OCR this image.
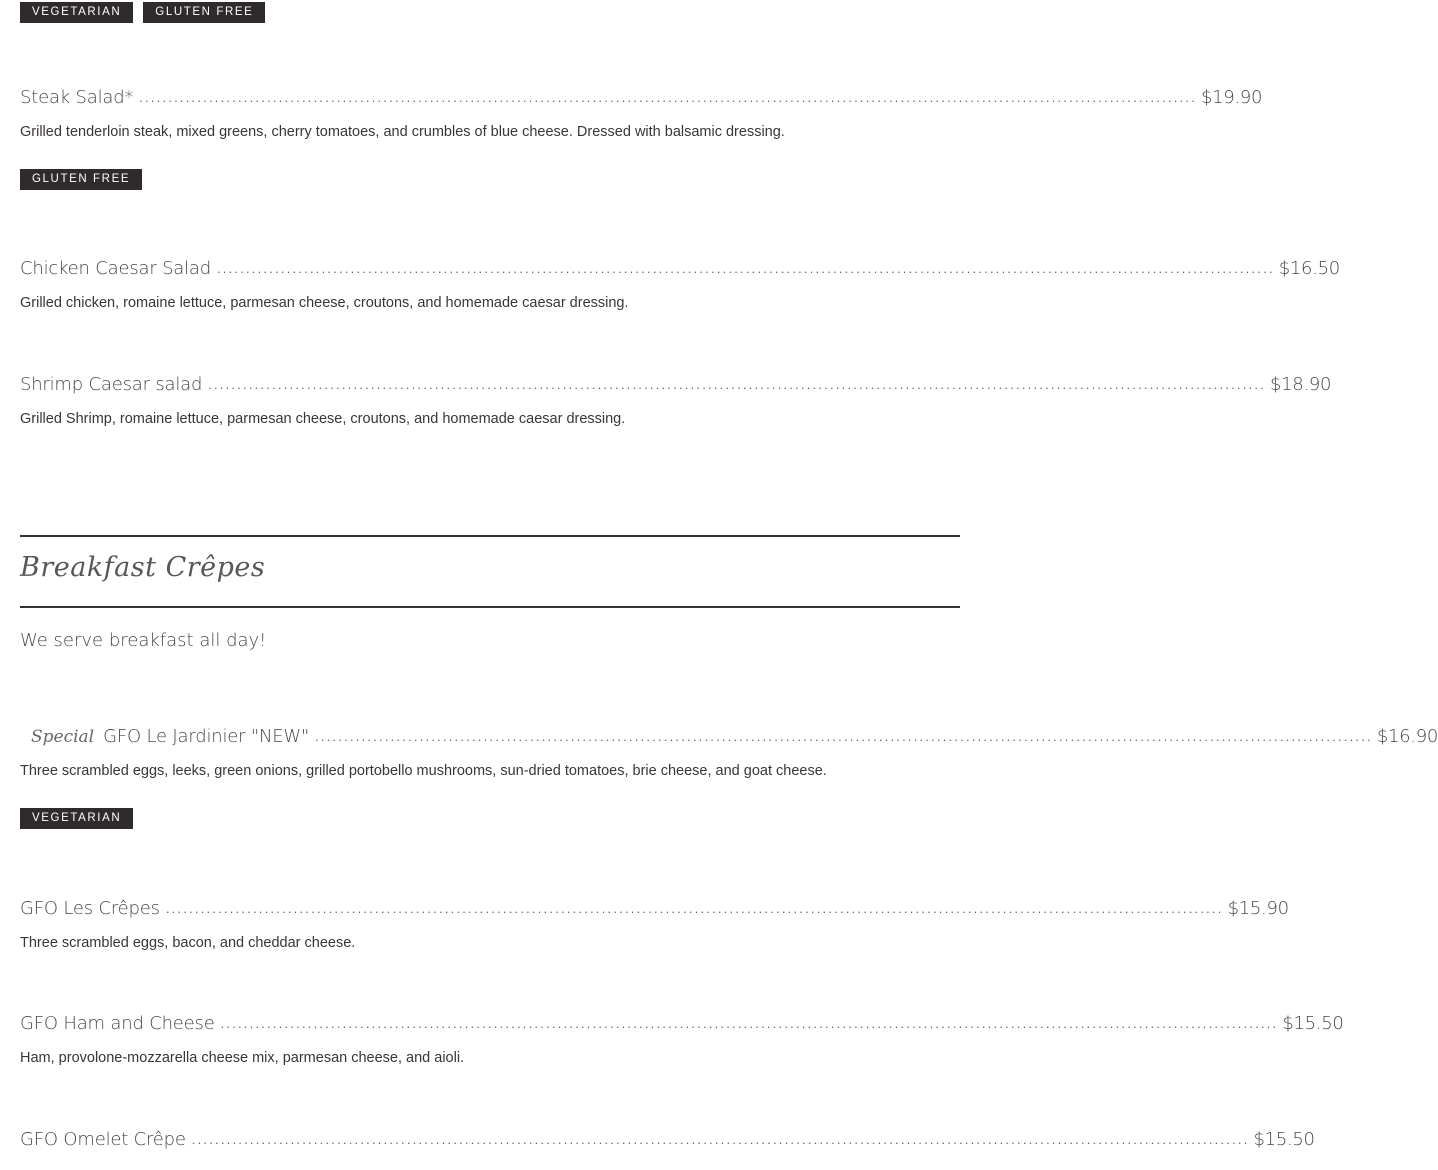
VEGETARIAN	GLUTEN FREE
Steak Salad* ...................................................................................................................................................................................... $19.90
Grilled tenderloin steak, mixed greens, cherry tomatoes, and crumbles of blue cheese. Dressed with balsamic dressing.
GLUTEN FREE
Chicken Caesar Salad ...................................................................................................................................................................................... $16.50
Grilled chicken, romaine lettuce, parmesan cheese, croutons, and homemade caesar dressing.
Shrimp Caesar salad ...................................................................................................................................................................................... $18.90
Grilled Shrimp, romaine lettuce, parmesan cheese, croutons, and homemade caesar dressing.
Breakfast Crêpes
We serve breakfast all day!
Special GFO Le Jardinier "NEW" ...................................................................................................................................................................................... $16.90
Three scrambled eggs, leeks, green onions, grilled portobello mushrooms, sun-dried tomatoes, brie cheese, and goat cheese.
VEGETARIAN
GFO Les Crêpes ...................................................................................................................................................................................... $15.90
Three scrambled eggs, bacon, and cheddar cheese.
GFO Ham and Cheese ...................................................................................................................................................................................... $15.50
Ham, provolone-mozzarella cheese mix, parmesan cheese, and aioli.
GFO Omelet Crêpe ...................................................................................................................................................................................... $15.50
